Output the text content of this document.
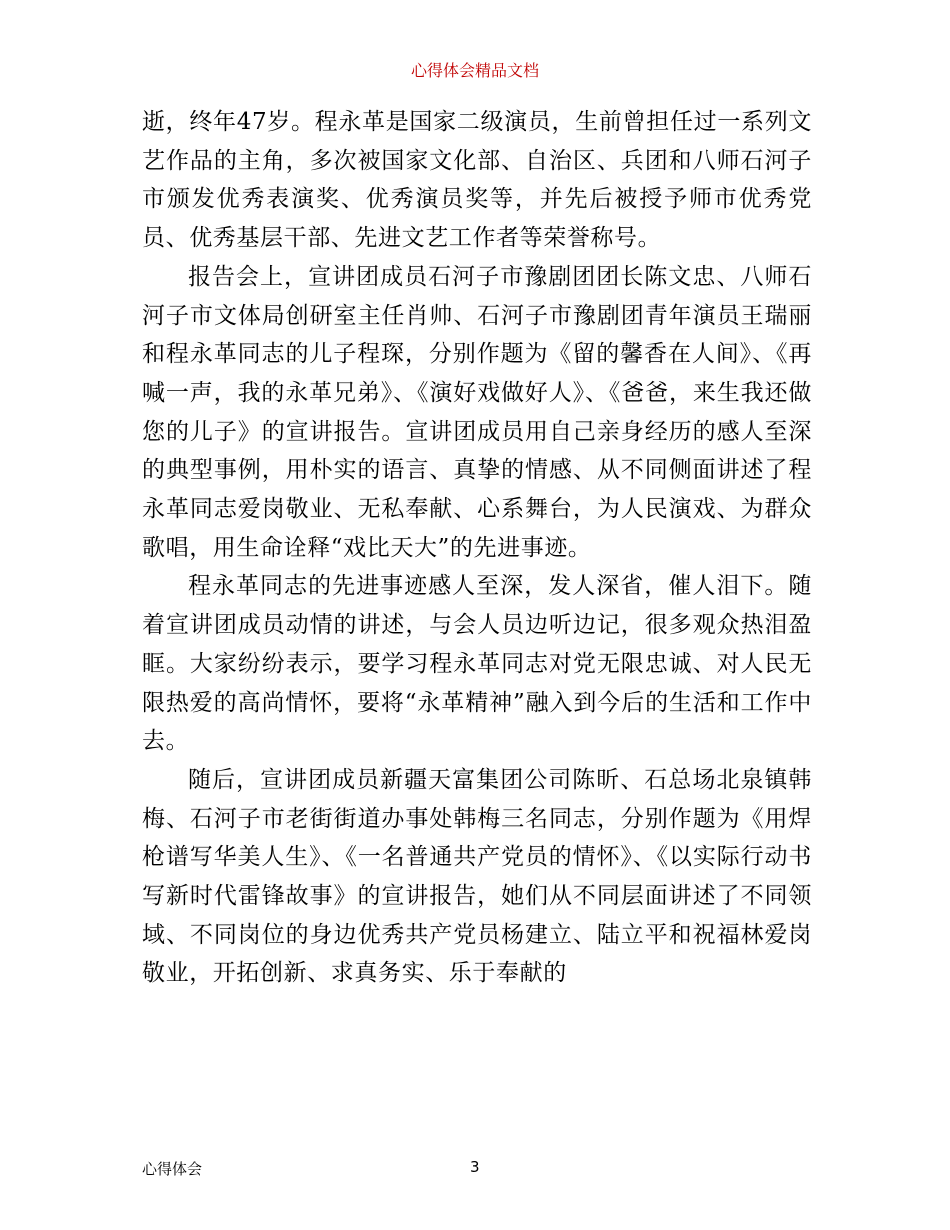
心得体会精品文档

逝，终年47岁。程永革是国家二级演员，生前曾担任过一系列文艺作品的主角，多次被国家文化部、自治区、兵团和八师石河子市颁发优秀表演奖、优秀演员奖等，并先后被授予师市优秀党员、优秀基层干部、先进文艺工作者等荣誉称号。

报告会上，宣讲团成员石河子市豫剧团团长陈文忠、八师石河子市文体局创研室主任肖帅、石河子市豫剧团青年演员王瑞丽和程永革同志的儿子程琛，分别作题为《留的馨香在人间》、《再喊一声，我的永革兄弟》、《演好戏做好人》、《爸爸，来生我还做您的儿子》的宣讲报告。宣讲团成员用自己亲身经历的感人至深的典型事例，用朴实的语言、真挚的情感、从不同侧面讲述了程永革同志爱岗敬业、无私奉献、心系舞台，为人民演戏、为群众歌唱，用生命诠释“戏比天大”的先进事迹。

程永革同志的先进事迹感人至深，发人深省，催人泪下。随着宣讲团成员动情的讲述，与会人员边听边记，很多观众热泪盈眶。大家纷纷表示，要学习程永革同志对党无限忠诚、对人民无限热爱的高尚情怀，要将“永革精神”融入到今后的生活和工作中去。

随后，宣讲团成员新疆天富集团公司陈昕、石总场北泉镇韩梅、石河子市老街街道办事处韩梅三名同志，分别作题为《用焊枪谱写华美人生》、《一名普通共产党员的情怀》、《以实际行动书写新时代雷锋故事》的宣讲报告，她们从不同层面讲述了不同领域、不同岗位的身边优秀共产党员杨建立、陆立平和祝福林爱岗敬业，开拓创新、求真务实、乐于奉献的

心得体会	3
